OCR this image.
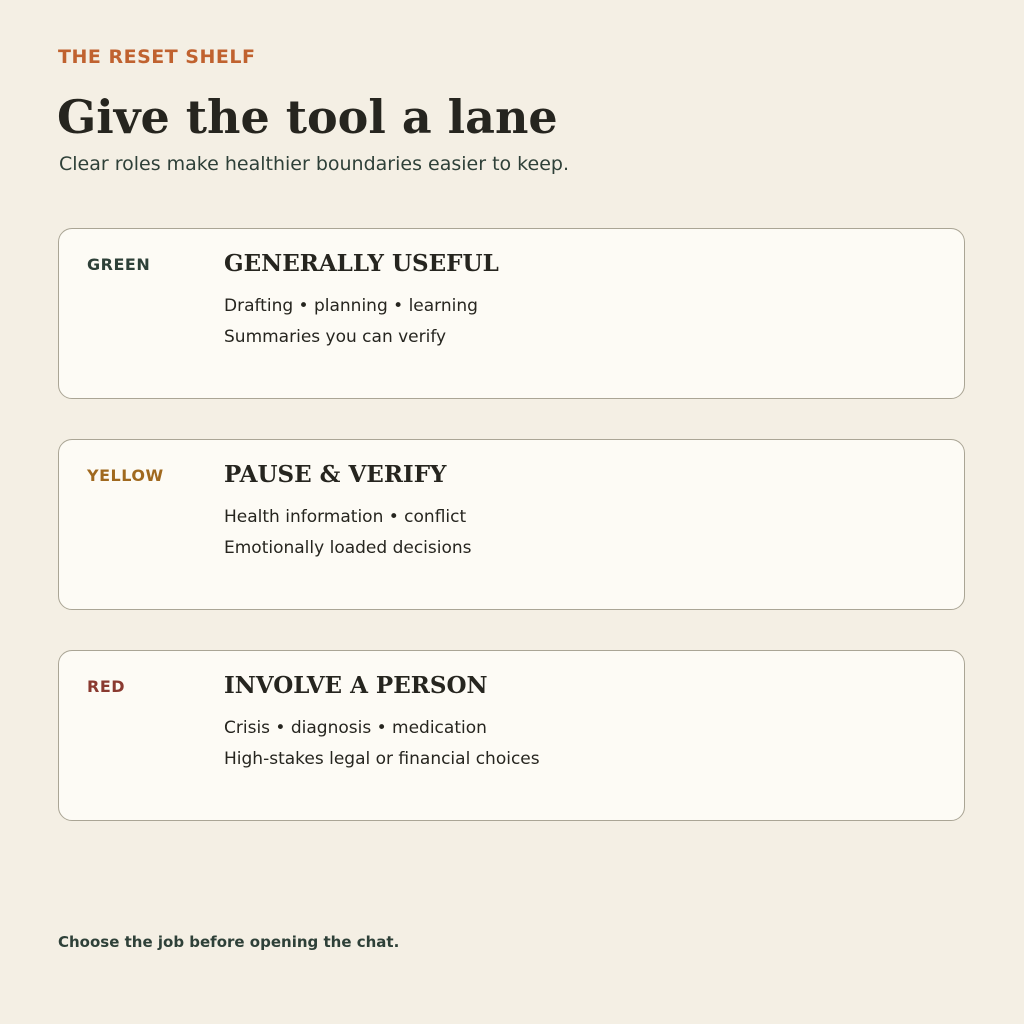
THE RESET SHELF
Give the tool a lane
Clear roles make healthier boundaries easier to keep.
GREEN	GENERALLY USEFUL
Drafting • planning • learning
Summaries you can verify
YELLOW	PAUSE & VERIFY
Health information • conflict
Emotionally loaded decisions
RED	INVOLVE A PERSON
Crisis • diagnosis • medication
High-stakes legal or financial choices
Choose the job before opening the chat.
